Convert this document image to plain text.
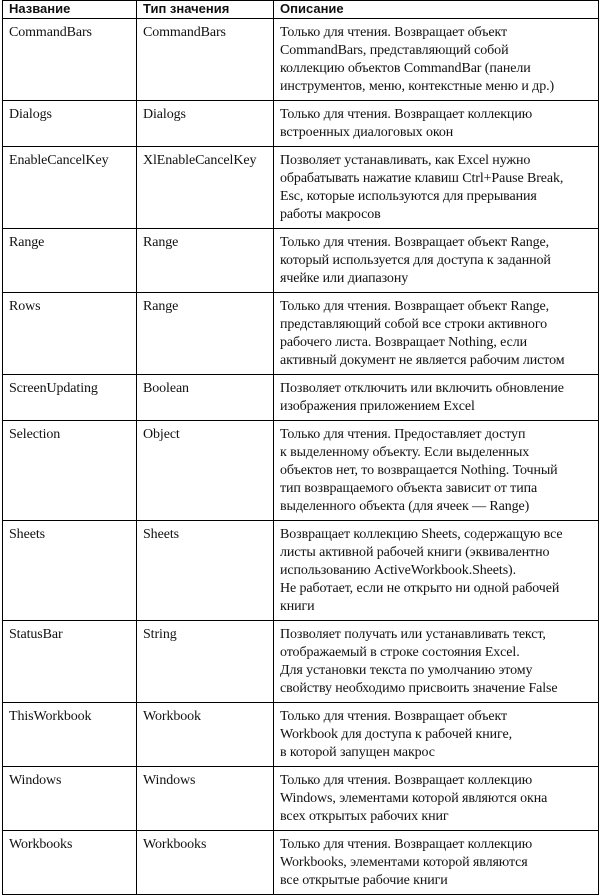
Название	Тип значения	Описание
CommandBars	CommandBars	Только для чтения. Возвращает объект
CommandBars, представляющий собой
коллекцию объектов CommandBar (панели
инструментов, меню, контекстные меню и др.)

Dialogs	Dialogs	Только для чтения. Возвращает коллекцию
встроенных диалоговых окон

EnableCancelKey	XlEnableCancelKey	Позволяет устанавливать, как Excel нужно
обрабатывать нажатие клавиш Ctrl+Pause Break,
Esc, которые используются для прерывания
работы макросов

Range	Range	Только для чтения. Возвращает объект Range,
который используется для доступа к заданной
ячейке или диапазону

Rows	Range	Только для чтения. Возвращает объект Range,
представляющий собой все строки активного
рабочего листа. Возвращает Nothing, если
активный документ не является рабочим листом

ScreenUpdating	Boolean	Позволяет отключить или включить обновление
изображения приложением Excel

Selection	Object	Только для чтения. Предоставляет доступ
к выделенному объекту. Если выделенных
объектов нет, то возвращается Nothing. Точный
тип возвращаемого объекта зависит от типа
выделенного объекта (для ячеек — Range)

Sheets	Sheets	Возвращает коллекцию Sheets, содержащую все
листы активной рабочей книги (эквивалентно
использованию ActiveWorkbook.Sheets).
Не работает, если не открыто ни одной рабочей
книги

StatusBar	String	Позволяет получать или устанавливать текст,
отображаемый в строке состояния Excel.
Для установки текста по умолчанию этому
свойству необходимо присвоить значение False

ThisWorkbook	Workbook	Только для чтения. Возвращает объект
Workbook для доступа к рабочей книге,
в которой запущен макрос

Windows	Windows	Только для чтения. Возвращает коллекцию
Windows, элементами которой являются окна
всех открытых рабочих книг

Workbooks	Workbooks	Только для чтения. Возвращает коллекцию
Workbooks, элементами которой являются
все открытые рабочие книги
